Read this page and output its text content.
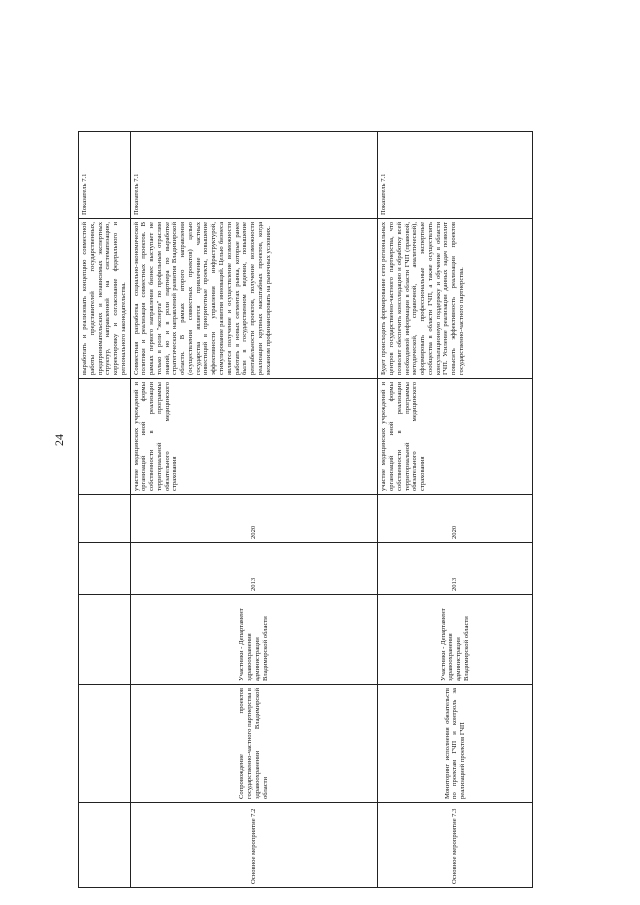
24
						выработать и реализовать концепцию совместной работы представителей государственных, предпринимательских и независимых экспертных структур, направленной на систематизацию, корректировку и согласование федерального и регионального законодательства.	Показатель 7.1
Основное мероприятие 7.2	Сопровождение проектов государственно-частного партнерства в здравоохранении Владимирской области	Участники - Департамент здравоохранения администрации Владимирской области	2013	2020	участие медицинских учреждений и организаций иной формы собственности в реализации территориальной программы обязательного медицинского страхования	Совместная разработка социально-экономической политики и реализация совместных проектов. В рамках первого направления бизнес выступает не только в роли "эксперта" по профильным отраслям знаний, но и в роли партнера по выработке стратегических направлений развития Владимирской области. В рамках второго направления (осуществления совместных проектов) целью государства является привлечение частных инвестиций в приоритетные проекты, повышение эффективности управления инфраструктурой, стимулирование развития инноваций. Целью бизнеса является получение и осуществление возможности работать в новых сегментах рынка, которые ранее были в государственном ведении, повышение рентабельности проектов, получение возможности реализации крупных масштабных проектов, когда механизм профинансировать на рыночных условиях.	Показатель 7.1
Основное мероприятие 7.3	Мониторинг исполнения обязательств по проектам ГЧП и контроль за реализацией проектов ГЧП	Участники - Департамент здравоохранения администрации Владимирской области	2013	2020	участие медицинских учреждений и организаций иной формы собственности в реализации территориальной программы обязательного медицинского страхования	Будет происходить формирование сети региональных центров государственно-частного партнерства, что позволит обеспечить консолидацию и обработку всей необходимой информации в области ГЧП (правовой, методической, справочной, аналитической), оформировать профессиональные экспертные сообщества в области ГЧП, а также осуществлять консультационную поддержку и обучение в области ГЧП. Усиление реализации данных задач позволит повысить эффективность реализации проектов государственно-частного партнерства.	Показатель 7.1
